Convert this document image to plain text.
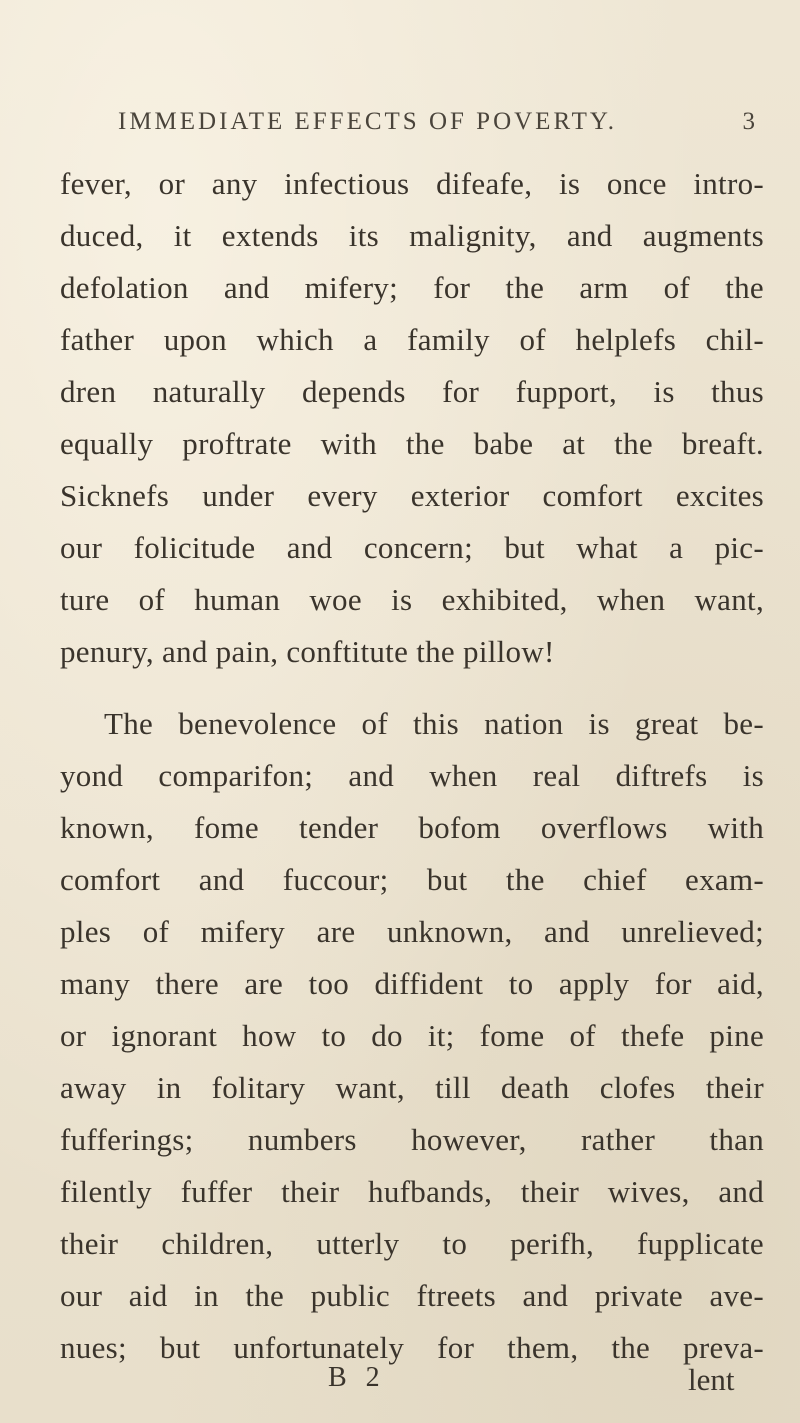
IMMEDIATE EFFECTS OF POVERTY.	3
fever, or any infectious difeafe, is once intro-
duced, it extends its malignity, and augments
defolation and mifery; for the arm of the
father upon which a family of helplefs chil-
dren naturally depends for fupport, is thus
equally proftrate with the babe at the breaft.
Sicknefs under every exterior comfort excites
our folicitude and concern; but what a pic-
ture of human woe is exhibited, when want,
penury, and pain, conftitute the pillow!
The benevolence of this nation is great be-
yond comparifon; and when real diftrefs is
known, fome tender bofom overflows with
comfort and fuccour; but the chief exam-
ples of mifery are unknown, and unrelieved;
many there are too diffident to apply for aid,
or ignorant how to do it; fome of thefe pine
away in folitary want, till death clofes their
fufferings; numbers however, rather than
filently fuffer their hufbands, their wives, and
their children, utterly to perifh, fupplicate
our aid in the public ftreets and private ave-
nues; but unfortunately for them, the preva-
B 2	lent
